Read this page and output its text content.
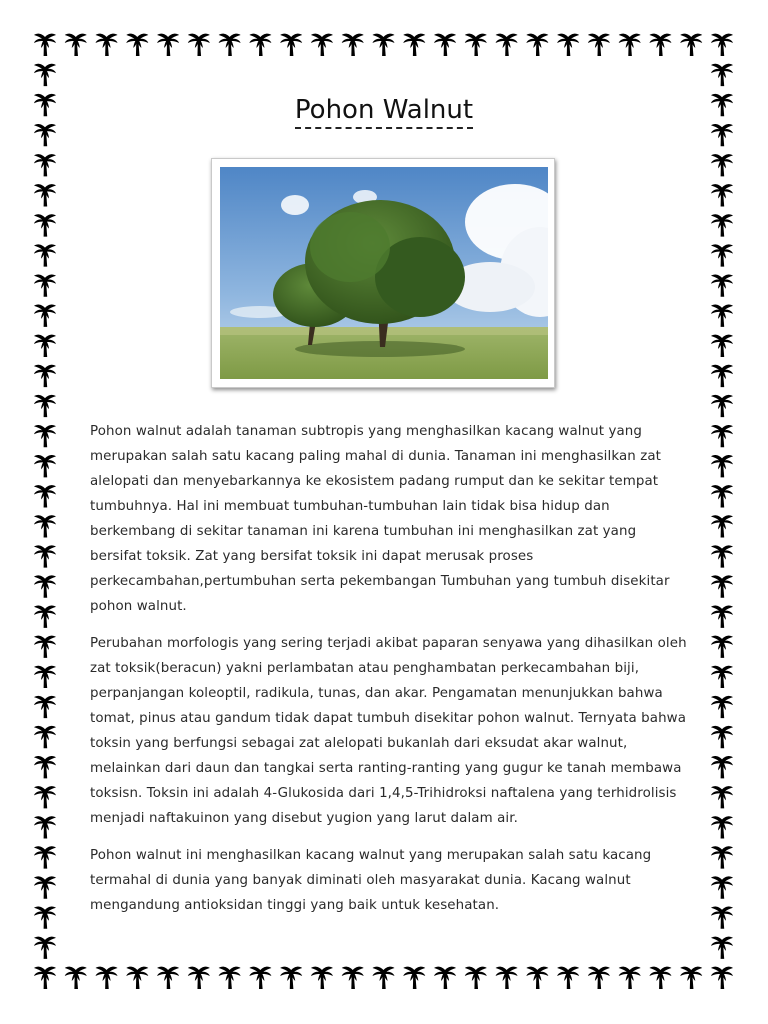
Pohon Walnut

Pohon walnut adalah tanaman subtropis yang menghasilkan kacang walnut yang merupakan salah satu kacang paling mahal di dunia. Tanaman ini menghasilkan zat alelopati dan menyebarkannya ke ekosistem padang rumput dan ke sekitar tempat tumbuhnya. Hal ini membuat tumbuhan-tumbuhan lain tidak bisa hidup dan berkembang di sekitar tanaman ini karena tumbuhan ini menghasilkan zat yang bersifat toksik. Zat yang bersifat toksik ini dapat merusak proses perkecambahan,pertumbuhan serta pekembangan Tumbuhan yang tumbuh disekitar pohon walnut.

Perubahan morfologis yang sering terjadi akibat paparan senyawa yang dihasilkan oleh zat toksik(beracun) yakni perlambatan atau penghambatan perkecambahan biji, perpanjangan koleoptil, radikula, tunas, dan akar. Pengamatan menunjukkan bahwa tomat, pinus atau gandum tidak dapat tumbuh disekitar pohon walnut. Ternyata bahwa toksin yang berfungsi sebagai zat alelopati bukanlah dari eksudat akar walnut, melainkan dari daun dan tangkai serta ranting-ranting yang gugur ke tanah membawa toksisn. Toksin ini adalah 4-Glukosida dari 1,4,5-Trihidroksi naftalena yang terhidrolisis menjadi naftakuinon yang disebut yugion yang larut dalam air.

Pohon walnut ini menghasilkan kacang walnut yang merupakan salah satu kacang termahal di dunia yang banyak diminati oleh masyarakat dunia. Kacang walnut mengandung antioksidan tinggi yang baik untuk kesehatan.
